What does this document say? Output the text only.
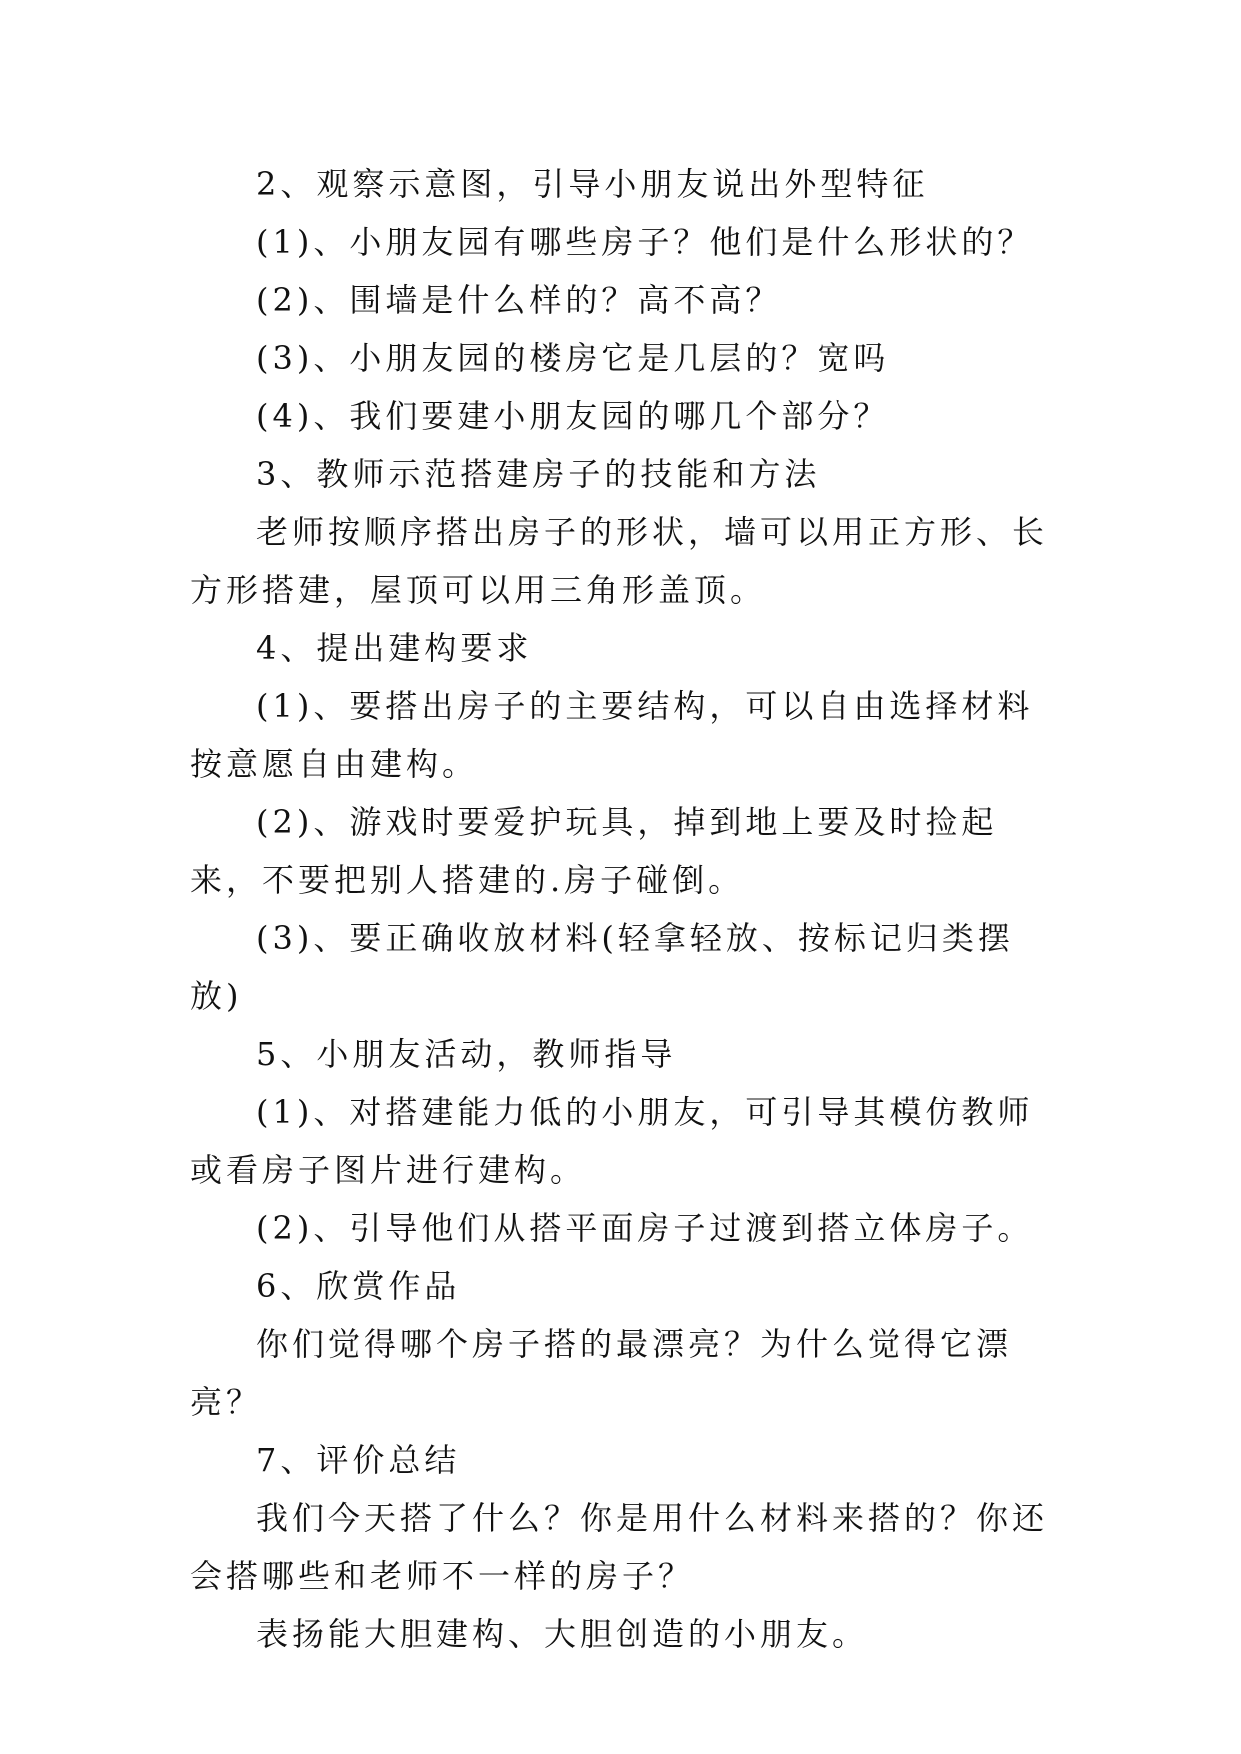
2、观察示意图，引导小朋友说出外型特征

(1)、小朋友园有哪些房子？他们是什么形状的？

(2)、围墙是什么样的？高不高？

(3)、小朋友园的楼房它是几层的？宽吗

(4)、我们要建小朋友园的哪几个部分？

3、教师示范搭建房子的技能和方法

老师按顺序搭出房子的形状，墙可以用正方形、长方形搭建，屋顶可以用三角形盖顶。

4、提出建构要求

(1)、要搭出房子的主要结构，可以自由选择材料按意愿自由建构。

(2)、游戏时要爱护玩具，掉到地上要及时捡起来，不要把别人搭建的.房子碰倒。

(3)、要正确收放材料(轻拿轻放、按标记归类摆放)

5、小朋友活动，教师指导

(1)、对搭建能力低的小朋友，可引导其模仿教师或看房子图片进行建构。

(2)、引导他们从搭平面房子过渡到搭立体房子。

6、欣赏作品

你们觉得哪个房子搭的最漂亮？为什么觉得它漂亮？

7、评价总结

我们今天搭了什么？你是用什么材料来搭的？你还会搭哪些和老师不一样的房子？

表扬能大胆建构、大胆创造的小朋友。
